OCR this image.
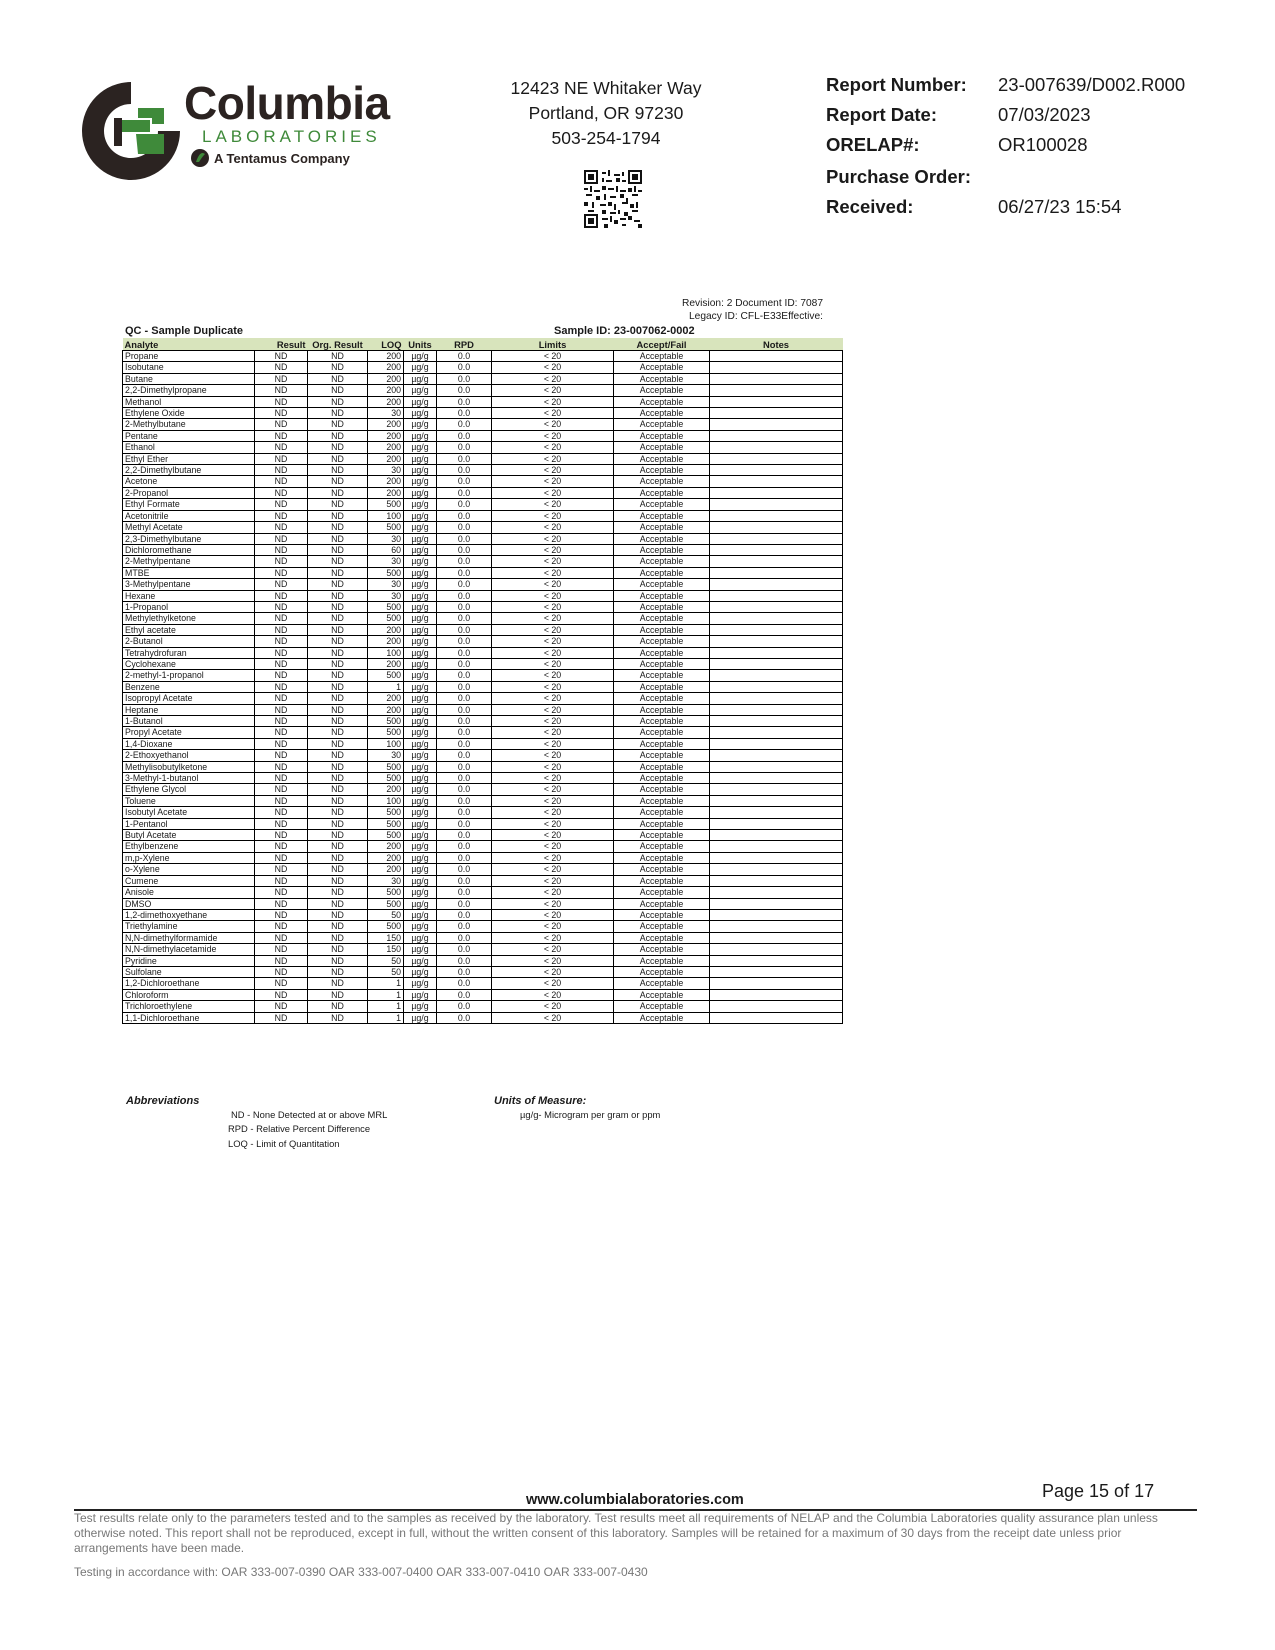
Columbia
LABORATORIES
A Tentamus Company
12423 NE Whitaker Way
Portland, OR 97230
503-254-1794
Report Number: 23-007639/D002.R000
Report Date:	07/03/2023
ORELAP#:	OR100028
Purchase Order:
Received:	06/27/23 15:54
Revision: 2 Document ID: 7087
Legacy ID: CFL-E33Effective:
QC - Sample Duplicate	Sample ID: 23-007062-0002
Analyte	Result	Org. Result	LOQ	Units	RPD	Limits	Accept/Fail	Notes
Propane	ND	ND	200	µg/g	0.0	< 20	Acceptable	
Isobutane	ND	ND	200	µg/g	0.0	< 20	Acceptable	
Butane	ND	ND	200	µg/g	0.0	< 20	Acceptable	
2,2-Dimethylpropane	ND	ND	200	µg/g	0.0	< 20	Acceptable	
Methanol	ND	ND	200	µg/g	0.0	< 20	Acceptable	
Ethylene Oxide	ND	ND	30	µg/g	0.0	< 20	Acceptable	
2-Methylbutane	ND	ND	200	µg/g	0.0	< 20	Acceptable	
Pentane	ND	ND	200	µg/g	0.0	< 20	Acceptable	
Ethanol	ND	ND	200	µg/g	0.0	< 20	Acceptable	
Ethyl Ether	ND	ND	200	µg/g	0.0	< 20	Acceptable	
2,2-Dimethylbutane	ND	ND	30	µg/g	0.0	< 20	Acceptable	
Acetone	ND	ND	200	µg/g	0.0	< 20	Acceptable	
2-Propanol	ND	ND	200	µg/g	0.0	< 20	Acceptable	
Ethyl Formate	ND	ND	500	µg/g	0.0	< 20	Acceptable	
Acetonitrile	ND	ND	100	µg/g	0.0	< 20	Acceptable	
Methyl Acetate	ND	ND	500	µg/g	0.0	< 20	Acceptable	
2,3-Dimethylbutane	ND	ND	30	µg/g	0.0	< 20	Acceptable	
Dichloromethane	ND	ND	60	µg/g	0.0	< 20	Acceptable	
2-Methylpentane	ND	ND	30	µg/g	0.0	< 20	Acceptable	
MTBE	ND	ND	500	µg/g	0.0	< 20	Acceptable	
3-Methylpentane	ND	ND	30	µg/g	0.0	< 20	Acceptable	
Hexane	ND	ND	30	µg/g	0.0	< 20	Acceptable	
1-Propanol	ND	ND	500	µg/g	0.0	< 20	Acceptable	
Methylethylketone	ND	ND	500	µg/g	0.0	< 20	Acceptable	
Ethyl acetate	ND	ND	200	µg/g	0.0	< 20	Acceptable	
2-Butanol	ND	ND	200	µg/g	0.0	< 20	Acceptable	
Tetrahydrofuran	ND	ND	100	µg/g	0.0	< 20	Acceptable	
Cyclohexane	ND	ND	200	µg/g	0.0	< 20	Acceptable	
2-methyl-1-propanol	ND	ND	500	µg/g	0.0	< 20	Acceptable	
Benzene	ND	ND	1	µg/g	0.0	< 20	Acceptable	
Isopropyl Acetate	ND	ND	200	µg/g	0.0	< 20	Acceptable	
Heptane	ND	ND	200	µg/g	0.0	< 20	Acceptable	
1-Butanol	ND	ND	500	µg/g	0.0	< 20	Acceptable	
Propyl Acetate	ND	ND	500	µg/g	0.0	< 20	Acceptable	
1,4-Dioxane	ND	ND	100	µg/g	0.0	< 20	Acceptable	
2-Ethoxyethanol	ND	ND	30	µg/g	0.0	< 20	Acceptable	
Methylisobutylketone	ND	ND	500	µg/g	0.0	< 20	Acceptable	
3-Methyl-1-butanol	ND	ND	500	µg/g	0.0	< 20	Acceptable	
Ethylene Glycol	ND	ND	200	µg/g	0.0	< 20	Acceptable	
Toluene	ND	ND	100	µg/g	0.0	< 20	Acceptable	
Isobutyl Acetate	ND	ND	500	µg/g	0.0	< 20	Acceptable	
1-Pentanol	ND	ND	500	µg/g	0.0	< 20	Acceptable	
Butyl Acetate	ND	ND	500	µg/g	0.0	< 20	Acceptable	
Ethylbenzene	ND	ND	200	µg/g	0.0	< 20	Acceptable	
m,p-Xylene	ND	ND	200	µg/g	0.0	< 20	Acceptable	
o-Xylene	ND	ND	200	µg/g	0.0	< 20	Acceptable	
Cumene	ND	ND	30	µg/g	0.0	< 20	Acceptable	
Anisole	ND	ND	500	µg/g	0.0	< 20	Acceptable	
DMSO	ND	ND	500	µg/g	0.0	< 20	Acceptable	
1,2-dimethoxyethane	ND	ND	50	µg/g	0.0	< 20	Acceptable	
Triethylamine	ND	ND	500	µg/g	0.0	< 20	Acceptable	
N,N-dimethylformamide	ND	ND	150	µg/g	0.0	< 20	Acceptable	
N,N-dimethylacetamide	ND	ND	150	µg/g	0.0	< 20	Acceptable	
Pyridine	ND	ND	50	µg/g	0.0	< 20	Acceptable	
Sulfolane	ND	ND	50	µg/g	0.0	< 20	Acceptable	
1,2-Dichloroethane	ND	ND	1	µg/g	0.0	< 20	Acceptable	
Chloroform	ND	ND	1	µg/g	0.0	< 20	Acceptable	
Trichloroethylene	ND	ND	1	µg/g	0.0	< 20	Acceptable	
1,1-Dichloroethane	ND	ND	1	µg/g	0.0	< 20	Acceptable	
Abbreviations
ND - None Detected at or above MRL
RPD - Relative Percent Difference
LOQ - Limit of Quantitation
Units of Measure:
µg/g- Microgram per gram or ppm
Page 15 of 17
www.columbialaboratories.com
Test results relate only to the parameters tested and to the samples as received by the laboratory. Test results meet all requirements of NELAP and the Columbia Laboratories quality assurance plan unless otherwise noted. This report shall not be reproduced, except in full, without the written consent of this laboratory. Samples will be retained for a maximum of 30 days from the receipt date unless prior arrangements have been made.
Testing in accordance with: OAR 333-007-0390 OAR 333-007-0400 OAR 333-007-0410 OAR 333-007-0430
